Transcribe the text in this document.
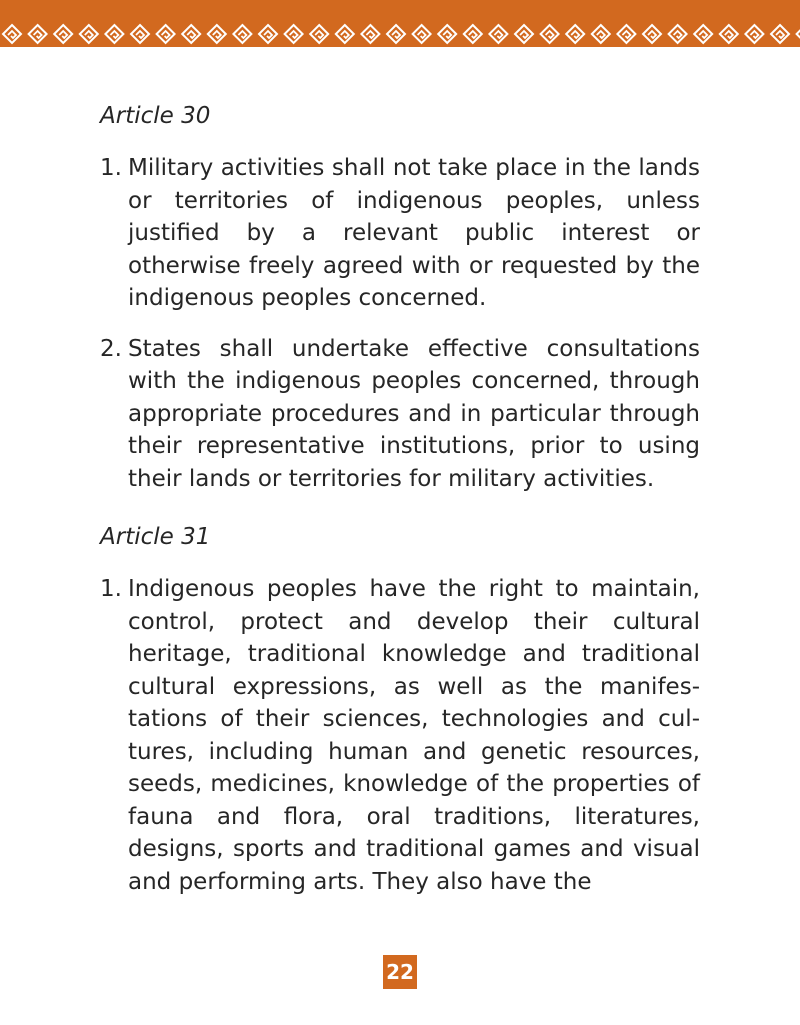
Article 30
1. Military activities shall not take place in the lands or territories of indigenous peoples, unless justified by a relevant public interest or otherwise freely agreed with or requested by the indigenous peoples concerned.
2. States shall undertake effective consultations with the indigenous peoples concerned, through appropriate procedures and in particular through their representative institutions, prior to using their lands or territories for military activities.
Article 31
1. Indigenous peoples have the right to maintain, control, protect and develop their cultural heritage, traditional knowledge and traditional cultural expressions, as well as the manifestations of their sciences, technologies and cultures, including human and genetic resources, seeds, medicines, knowledge of the properties of fauna and flora, oral traditions, literatures, designs, sports and traditional games and visual and performing arts. They also have the
22
